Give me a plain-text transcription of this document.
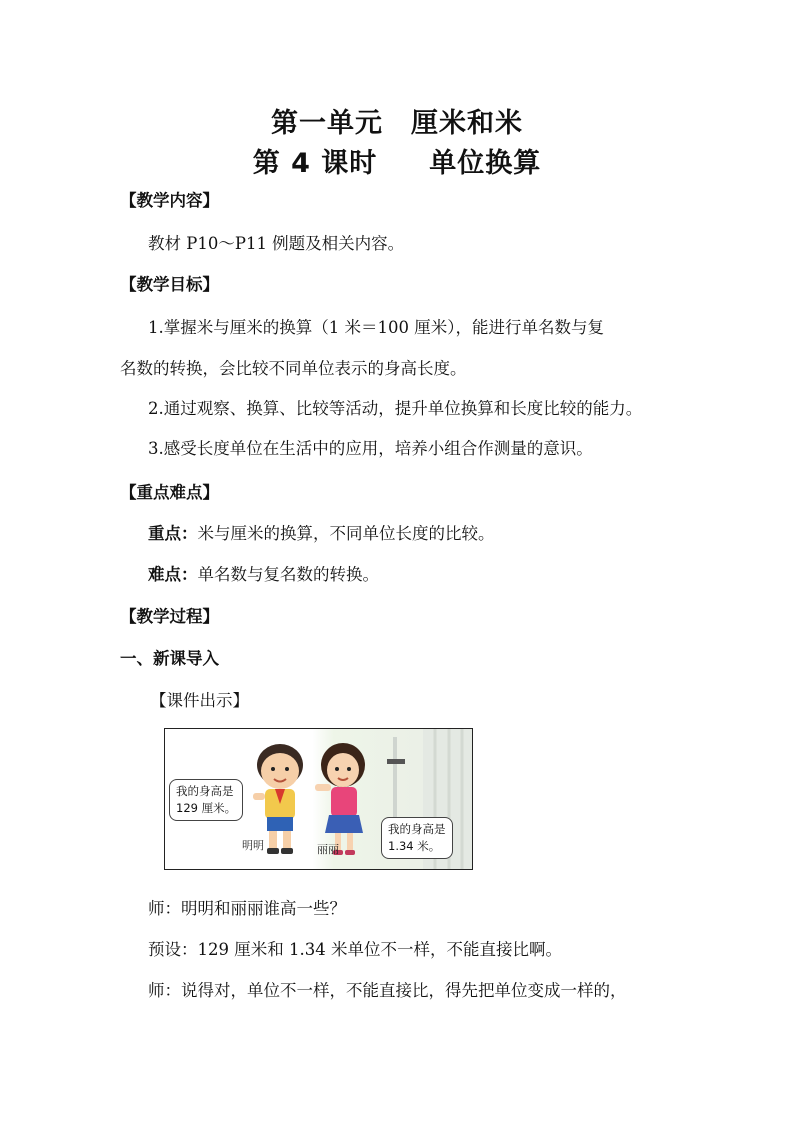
第一单元　厘米和米
第 4 课时 单位换算
【教学内容】
教材 P10～P11 例题及相关内容。
【教学目标】
1.掌握米与厘米的换算（1 米＝100 厘米），能进行单名数与复
名数的转换，会比较不同单位表示的身高长度。
2.通过观察、换算、比较等活动，提升单位换算和长度比较的能力。
3.感受长度单位在生活中的应用，培养小组合作测量的意识。
【重点难点】
重点：米与厘米的换算，不同单位长度的比较。
难点：单名数与复名数的转换。
【教学过程】
一、新课导入
【课件出示】
我的身高是
129 厘米。
我的身高是
1.34 米。
明明	丽丽
师：明明和丽丽谁高一些？
预设：129 厘米和 1.34 米单位不一样，不能直接比啊。
师：说得对，单位不一样，不能直接比，得先把单位变成一样的，
